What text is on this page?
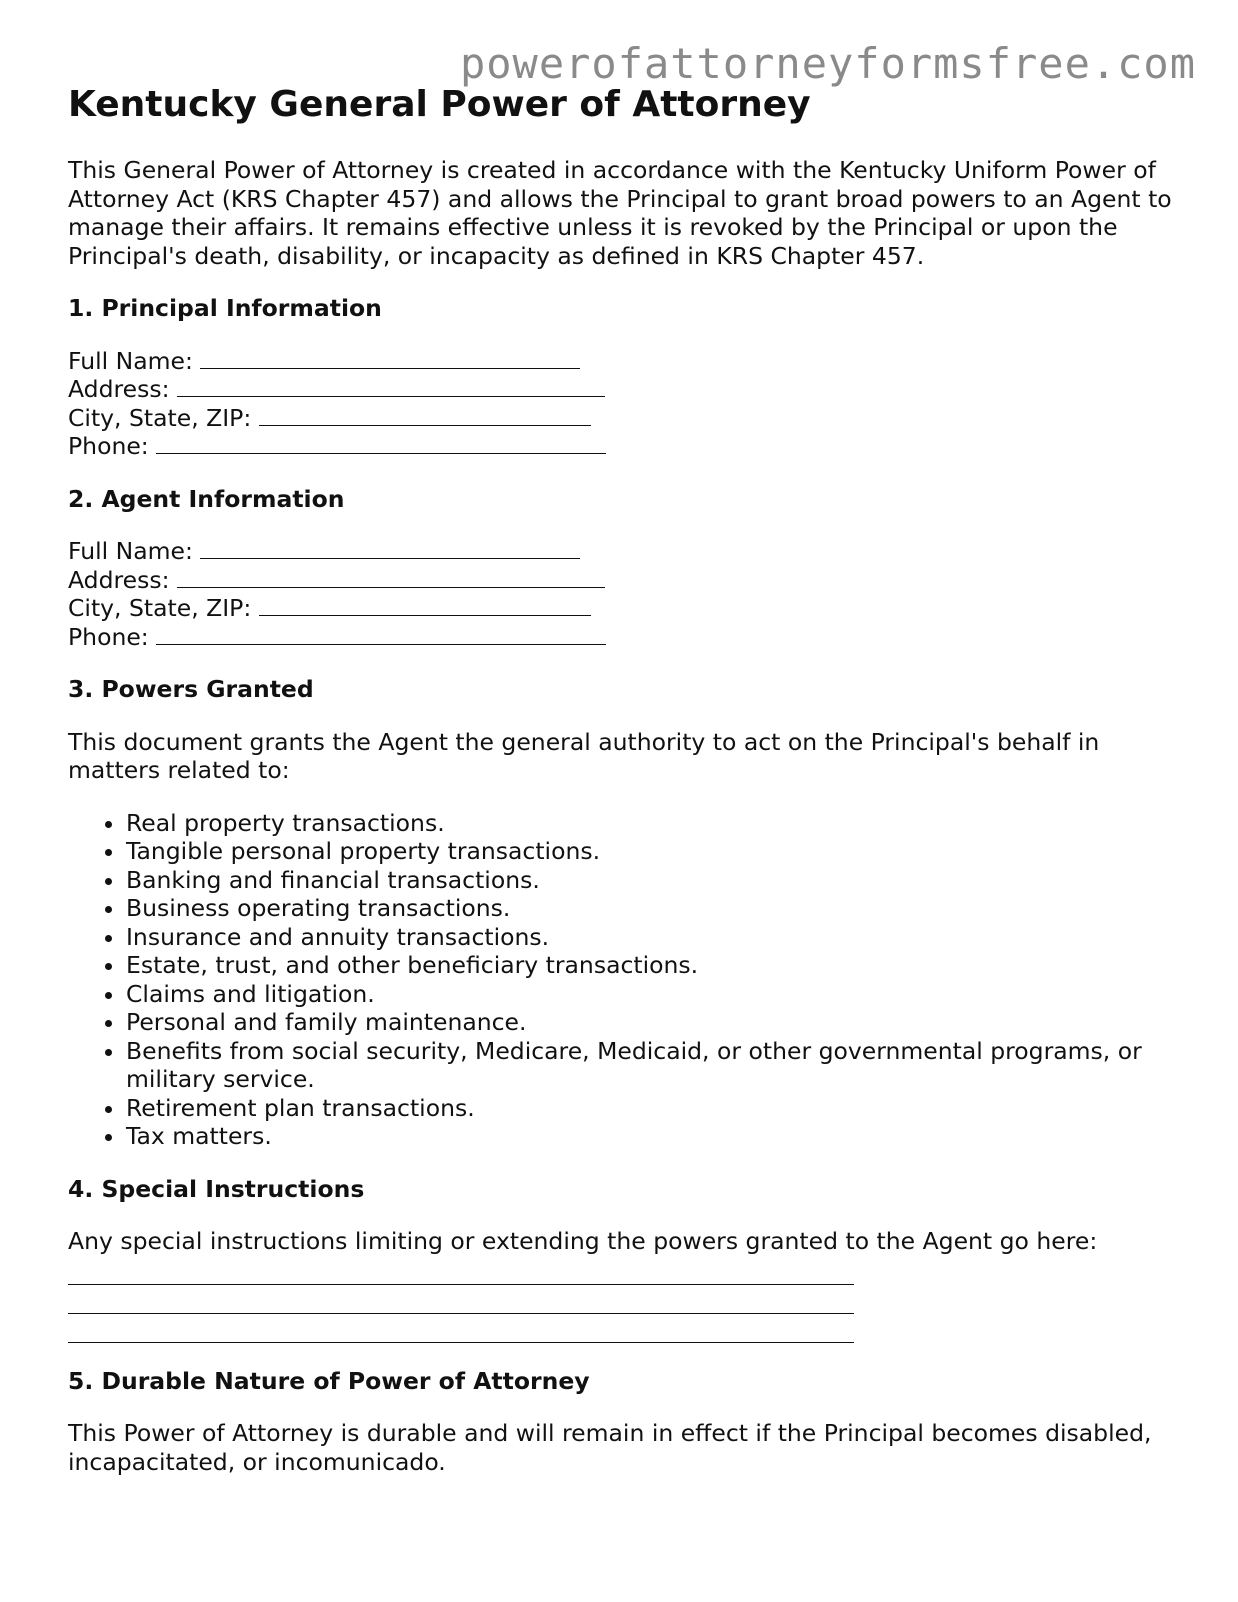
powerofattorneyformsfree.com
Kentucky General Power of Attorney

This General Power of Attorney is created in accordance with the Kentucky Uniform Power of Attorney Act (KRS Chapter 457) and allows the Principal to grant broad powers to an Agent to manage their affairs. It remains effective unless it is revoked by the Principal or upon the Principal's death, disability, or incapacity as defined in KRS Chapter 457.

1. Principal Information
Full Name:
Address:
City, State, ZIP:
Phone:
2. Agent Information
Full Name:
Address:
City, State, ZIP:
Phone:
3. Powers Granted

This document grants the Agent the general authority to act on the Principal's behalf in matters related to:

• Real property transactions.
• Tangible personal property transactions.
• Banking and financial transactions.
• Business operating transactions.
• Insurance and annuity transactions.
• Estate, trust, and other beneficiary transactions.
• Claims and litigation.
• Personal and family maintenance.
• Benefits from social security, Medicare, Medicaid, or other governmental programs, or military service.
• Retirement plan transactions.
• Tax matters.
4. Special Instructions

Any special instructions limiting or extending the powers granted to the Agent go here:

5. Durable Nature of Power of Attorney

This Power of Attorney is durable and will remain in effect if the Principal becomes disabled, incapacitated, or incomunicado.
